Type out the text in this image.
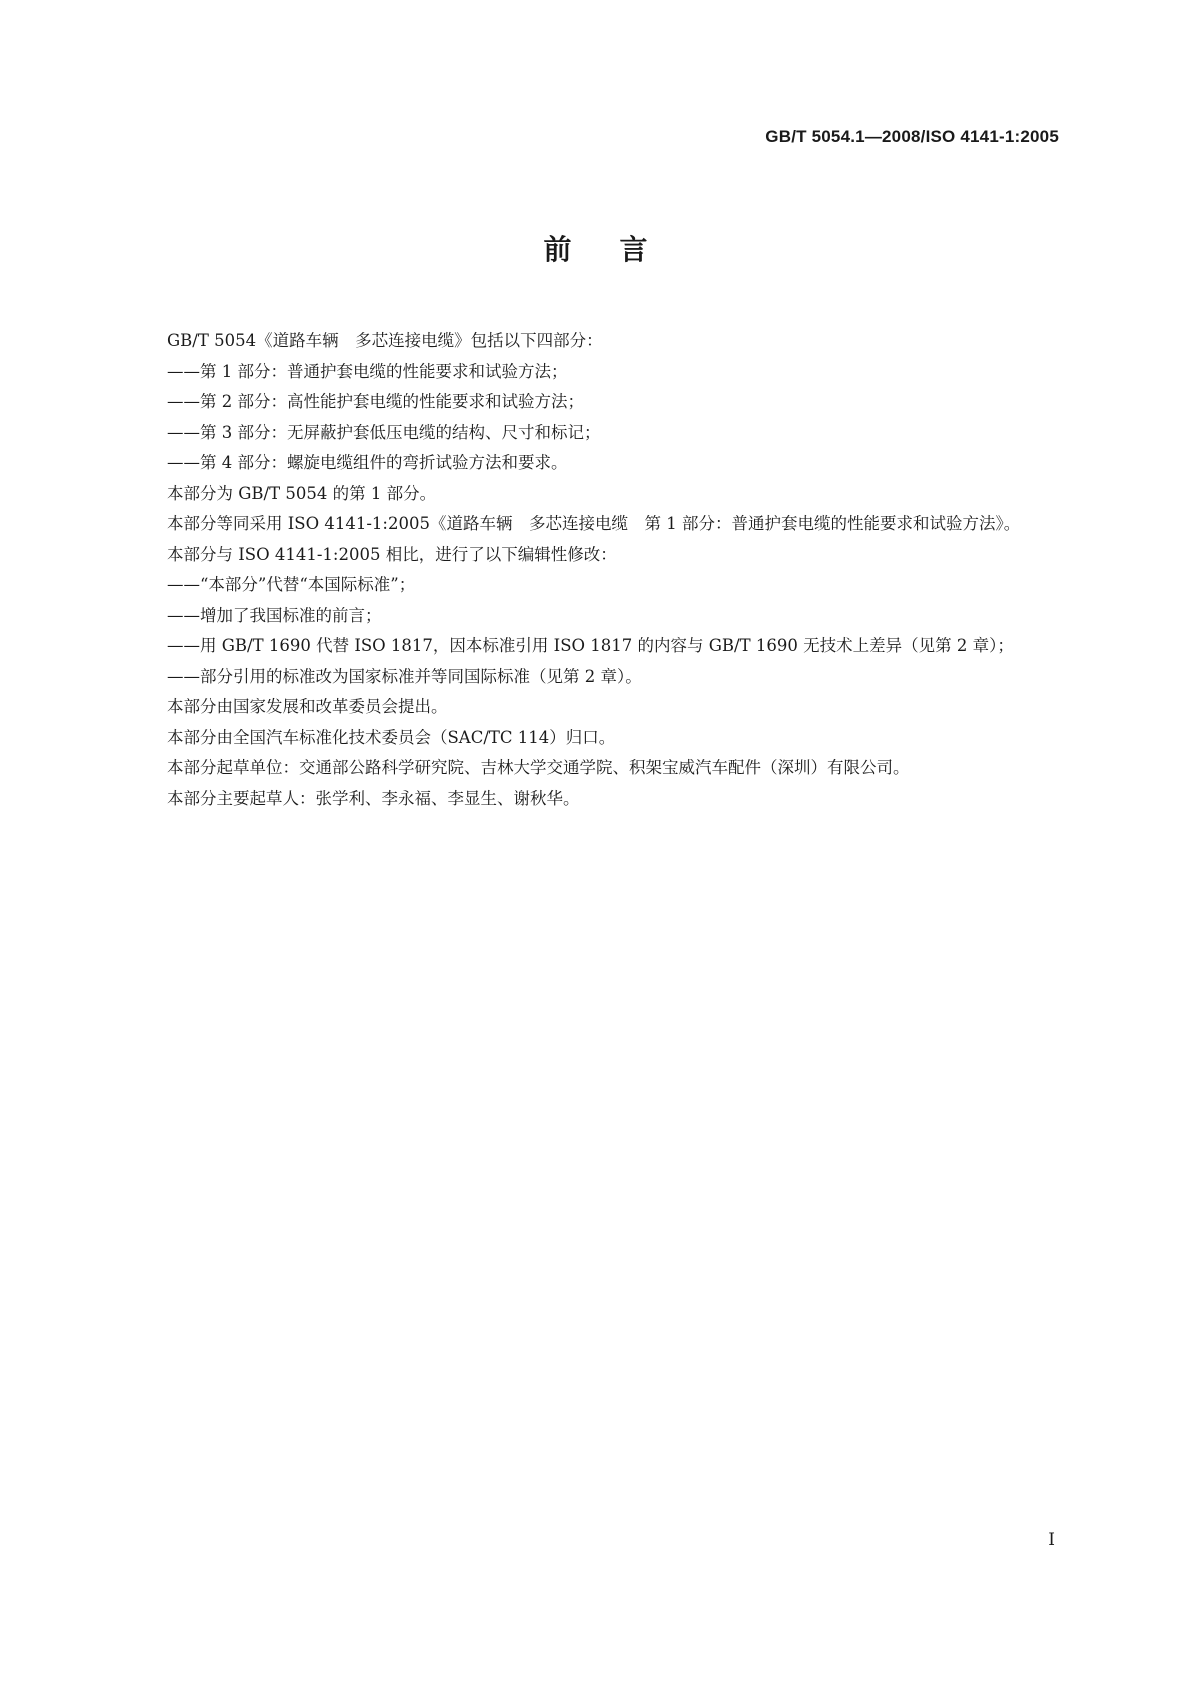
GB/T 5054.1—2008/ISO 4141-1:2005
前言

GB/T 5054《道路车辆　多芯连接电缆》包括以下四部分：

——第 1 部分：普通护套电缆的性能要求和试验方法；

——第 2 部分：高性能护套电缆的性能要求和试验方法；

——第 3 部分：无屏蔽护套低压电缆的结构、尺寸和标记；

——第 4 部分：螺旋电缆组件的弯折试验方法和要求。

本部分为 GB/T 5054 的第 1 部分。

本部分等同采用 ISO 4141-1:2005《道路车辆　多芯连接电缆　第 1 部分：普通护套电缆的性能要求和试验方法》。

本部分与 ISO 4141-1:2005 相比，进行了以下编辑性修改：

——“本部分”代替“本国际标准”；

——增加了我国标准的前言；

——用 GB/T 1690 代替 ISO 1817，因本标准引用 ISO 1817 的内容与 GB/T 1690 无技术上差异（见第 2 章）；

——部分引用的标准改为国家标准并等同国际标准（见第 2 章）。

本部分由国家发展和改革委员会提出。

本部分由全国汽车标准化技术委员会（SAC/TC 114）归口。

本部分起草单位：交通部公路科学研究院、吉林大学交通学院、积架宝威汽车配件（深圳）有限公司。

本部分主要起草人：张学利、李永福、李显生、谢秋华。

I
